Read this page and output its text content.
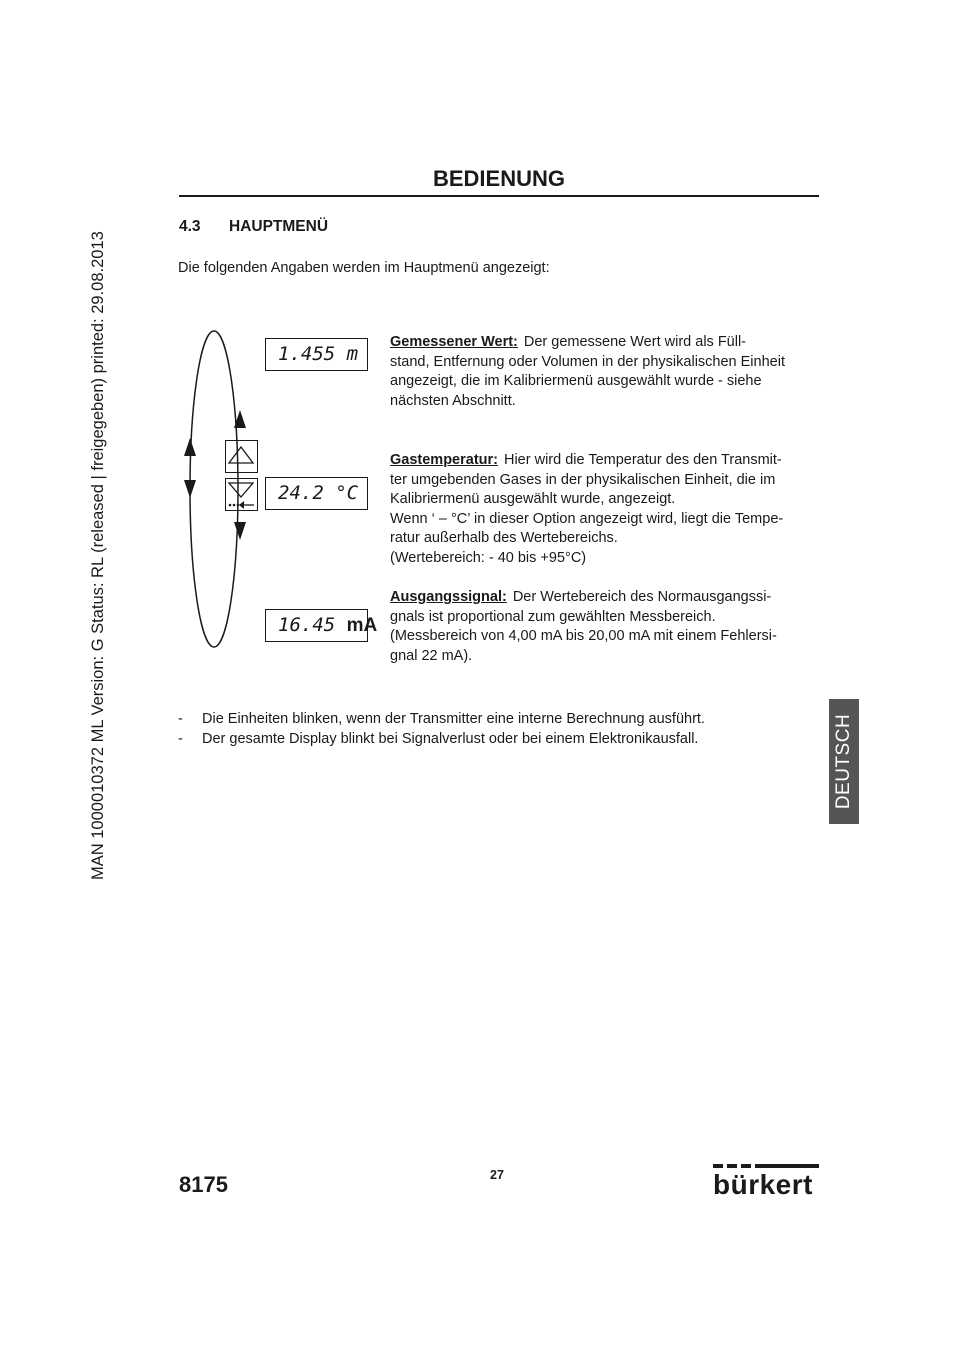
MAN 1000010372 ML Version: G Status: RL (released | freigegeben) printed: 29.08.2013
BEDIENUNG
4.3 HAUPTMENÜ
Die folgenden Angaben werden im Hauptmenü angezeigt:
1.455 m
24.2 °C
16.45 mA
Gemessener Wert: Der gemessene Wert wird als Füll-
stand, Entfernung oder Volumen in der physikalischen Einheit
angezeigt, die im Kalibriermenü ausgewählt wurde - siehe
nächsten Abschnitt.
Gastemperatur: Hier wird die Temperatur des den Transmit-
ter umgebenden Gases in der physikalischen Einheit, die im
Kalibriermenü ausgewählt wurde, angezeigt.
Wenn ‘ – °C’ in dieser Option angezeigt wird, liegt die Tempe-
ratur außerhalb des Wertebereichs.
(Wertebereich: - 40 bis +95°C)
Ausgangssignal: Der Wertebereich des Normausgangssi-
gnals ist proportional zum gewählten Messbereich.
(Messbereich von 4,00 mA bis 20,00 mA mit einem Fehlersi-
gnal 22 mA).
-	Die Einheiten blinken, wenn der Transmitter eine interne Berechnung ausführt.
-	Der gesamte Display blinkt bei Signalverlust oder bei einem Elektronikausfall.	DEUTSCH
8175	27	bürkert
